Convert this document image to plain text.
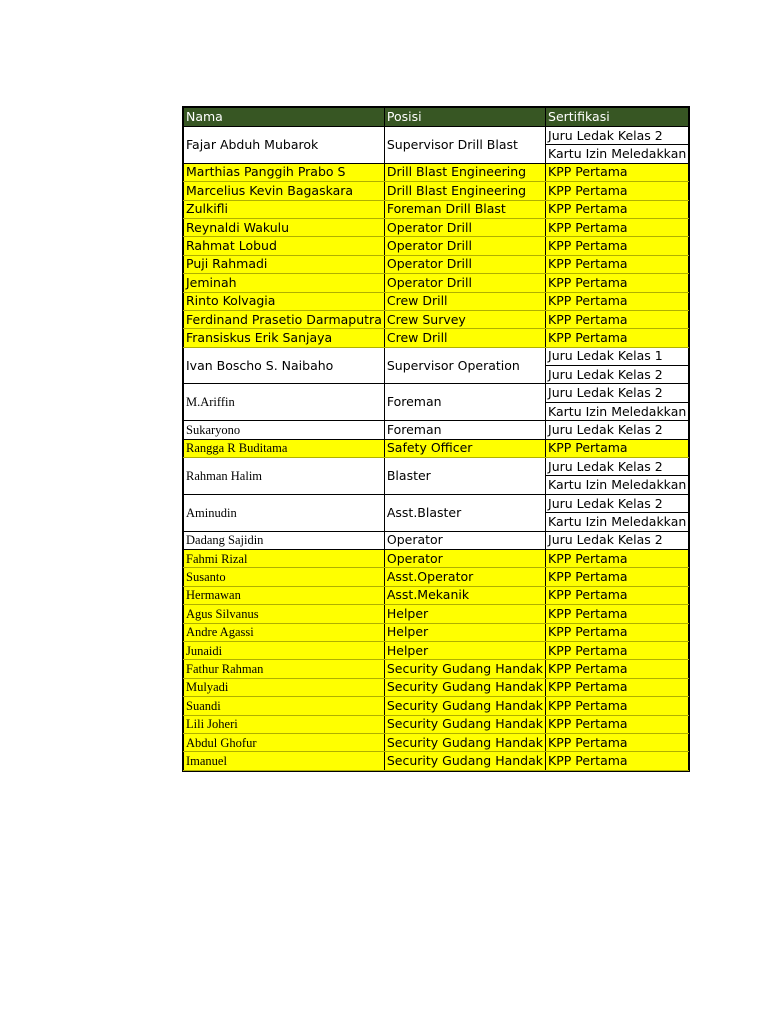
Nama	Posisi	Sertifikasi
Fajar Abduh Mubarok	Supervisor Drill Blast	Juru Ledak Kelas 2
		Kartu Izin Meledakkan
Marthias Panggih Prabo S	Drill Blast Engineering	KPP Pertama
Marcelius Kevin Bagaskara	Drill Blast Engineering	KPP Pertama
Zulkifli	Foreman Drill Blast	KPP Pertama
Reynaldi Wakulu	Operator Drill	KPP Pertama
Rahmat Lobud	Operator Drill	KPP Pertama
Puji Rahmadi	Operator Drill	KPP Pertama
Jeminah	Operator Drill	KPP Pertama
Rinto Kolvagia	Crew Drill	KPP Pertama
Ferdinand Prasetio Darmaputra	Crew Survey	KPP Pertama
Fransiskus Erik Sanjaya	Crew Drill	KPP Pertama
Ivan Boscho S. Naibaho	Supervisor Operation	Juru Ledak Kelas 1
		Juru Ledak Kelas 2
M.Ariffin	Foreman	Juru Ledak Kelas 2
		Kartu Izin Meledakkan
Sukaryono	Foreman	Juru Ledak Kelas 2
Rangga R Buditama	Safety Officer	KPP Pertama
Rahman Halim	Blaster	Juru Ledak Kelas 2
		Kartu Izin Meledakkan
Aminudin	Asst.Blaster	Juru Ledak Kelas 2
		Kartu Izin Meledakkan
Dadang Sajidin	Operator	Juru Ledak Kelas 2
Fahmi Rizal	Operator	KPP Pertama
Susanto	Asst.Operator	KPP Pertama
Hermawan	Asst.Mekanik	KPP Pertama
Agus Silvanus	Helper	KPP Pertama
Andre Agassi	Helper	KPP Pertama
Junaidi	Helper	KPP Pertama
Fathur Rahman	Security Gudang Handak	KPP Pertama
Mulyadi	Security Gudang Handak	KPP Pertama
Suandi	Security Gudang Handak	KPP Pertama
Lili Joheri	Security Gudang Handak	KPP Pertama
Abdul Ghofur	Security Gudang Handak	KPP Pertama
Imanuel	Security Gudang Handak	KPP Pertama
